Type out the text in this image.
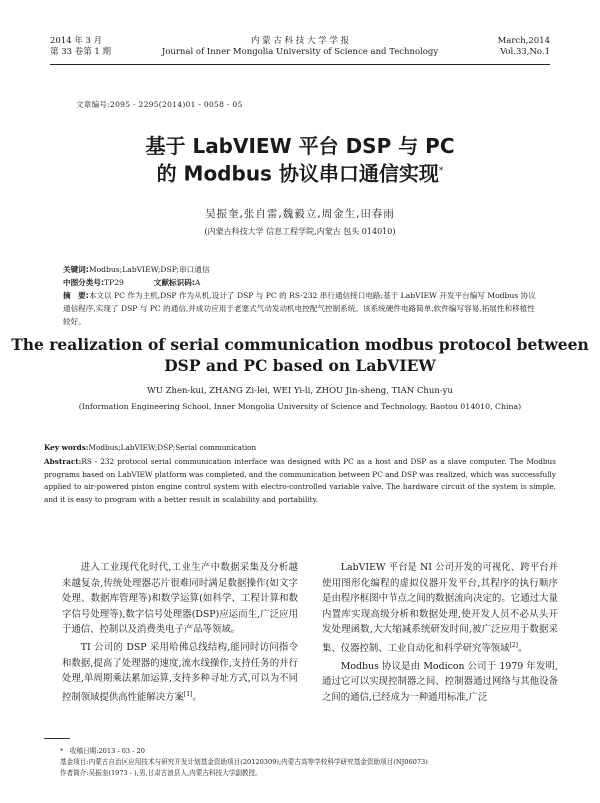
2014 年 3 月
第 33 卷第 1 期
内 蒙 古 科 技 大 学 学 报
Journal of Inner Mongolia University of Science and Technology
March,2014
Vol.33,No.1
文章编号:2095 - 2295(2014)01 - 0058 - 05
基于 LabVIEW 平台 DSP 与 PC
的 Modbus 协议串口通信实现*
吴振奎,张自雷,魏毅立,周金生,田春雨
(内蒙古科技大学 信息工程学院,内蒙古 包头 014010)
关键词:Modbus;LabVIEW;DSP;串口通信
中图分类号:TP29	文献标识码:A
摘　要:本文以 PC 作为主机,DSP 作为从机,设计了 DSP 与 PC 的 RS-232 串行通信接口电路;基于 LabVIEW 开发平台编写 Modbus 协议通信程序,实现了 DSP 与 PC 的通信,并成功应用于老塞式气动发动机电控配气控制系统。该系统硬件电路简单,软件编写容易,拓展性和移植性较好。
The realization of serial communication modbus protocol between
DSP and PC based on LabVIEW
WU Zhen-kui, ZHANG Zi-lei, WEI Yi-li, ZHOU Jin-sheng, TIAN Chun-yu
(Information Engineering School, Inner Mongolia University of Science and Technology, Baotou 014010, China)
Key words:Modbus;LabVIEW;DSP;Serial communication
Abstract:RS - 232 protocol serial communication interface was designed with PC as a host and DSP as a slave computer. The Modbus programs based on LabVIEW platform was completed, and the communication between PC and DSP was realized, which was successfully applied to air-powered piston engine control system with electro-controlled variable valve. The hardware circuit of the system is simple, and it is easy to program with a better result in scalability and portability.

进入工业现代化时代,工业生产中数据采集及分析越来越复杂,传统处理器芯片很难同时满足数据操作(如文字处理、数据库管理等)和数学运算(如科学、工程计算和数字信号处理等),数字信号处理器(DSP)应运而生,广泛应用于通信、控制以及消费类电子产品等领域。

TI 公司的 DSP 采用哈佛总线结构,能同时访问指令和数据,提高了处理器的速度,流水线操作,支持任务的并行处理,单周期乘法累加运算,支持多种寻址方式,可以为不同控制领域提供高性能解决方案[1]。

LabVIEW 平台是 NI 公司开发的可视化、跨平台并使用图形化编程的虚拟仪器开发平台,其程序的执行顺序是由程序框图中节点之间的数据流向决定的。它通过大量内置库实现高级分析和数据处理,使开发人员不必从头开发处理函数,大大缩减系统研发时间,被广泛应用于数据采集、仪器控制、工业自动化和科学研究等领域[2]。

Modbus 协议是由 Modicon 公司于 1979 年发明,通过它可以实现控制器之间、控制器通过网络与其他设备之间的通信,已经成为一种通用标准,广泛

*　收稿日期:2013 - 03 - 20
基金项目:内蒙古自治区应用技术与研究开发计划基金资助项目(20120309);内蒙古高等学校科学研究基金资助项目(NJ06073)
作者简介:吴振奎(1973 - ),男,甘肃古浪县人,内蒙古科技大学副教授。
